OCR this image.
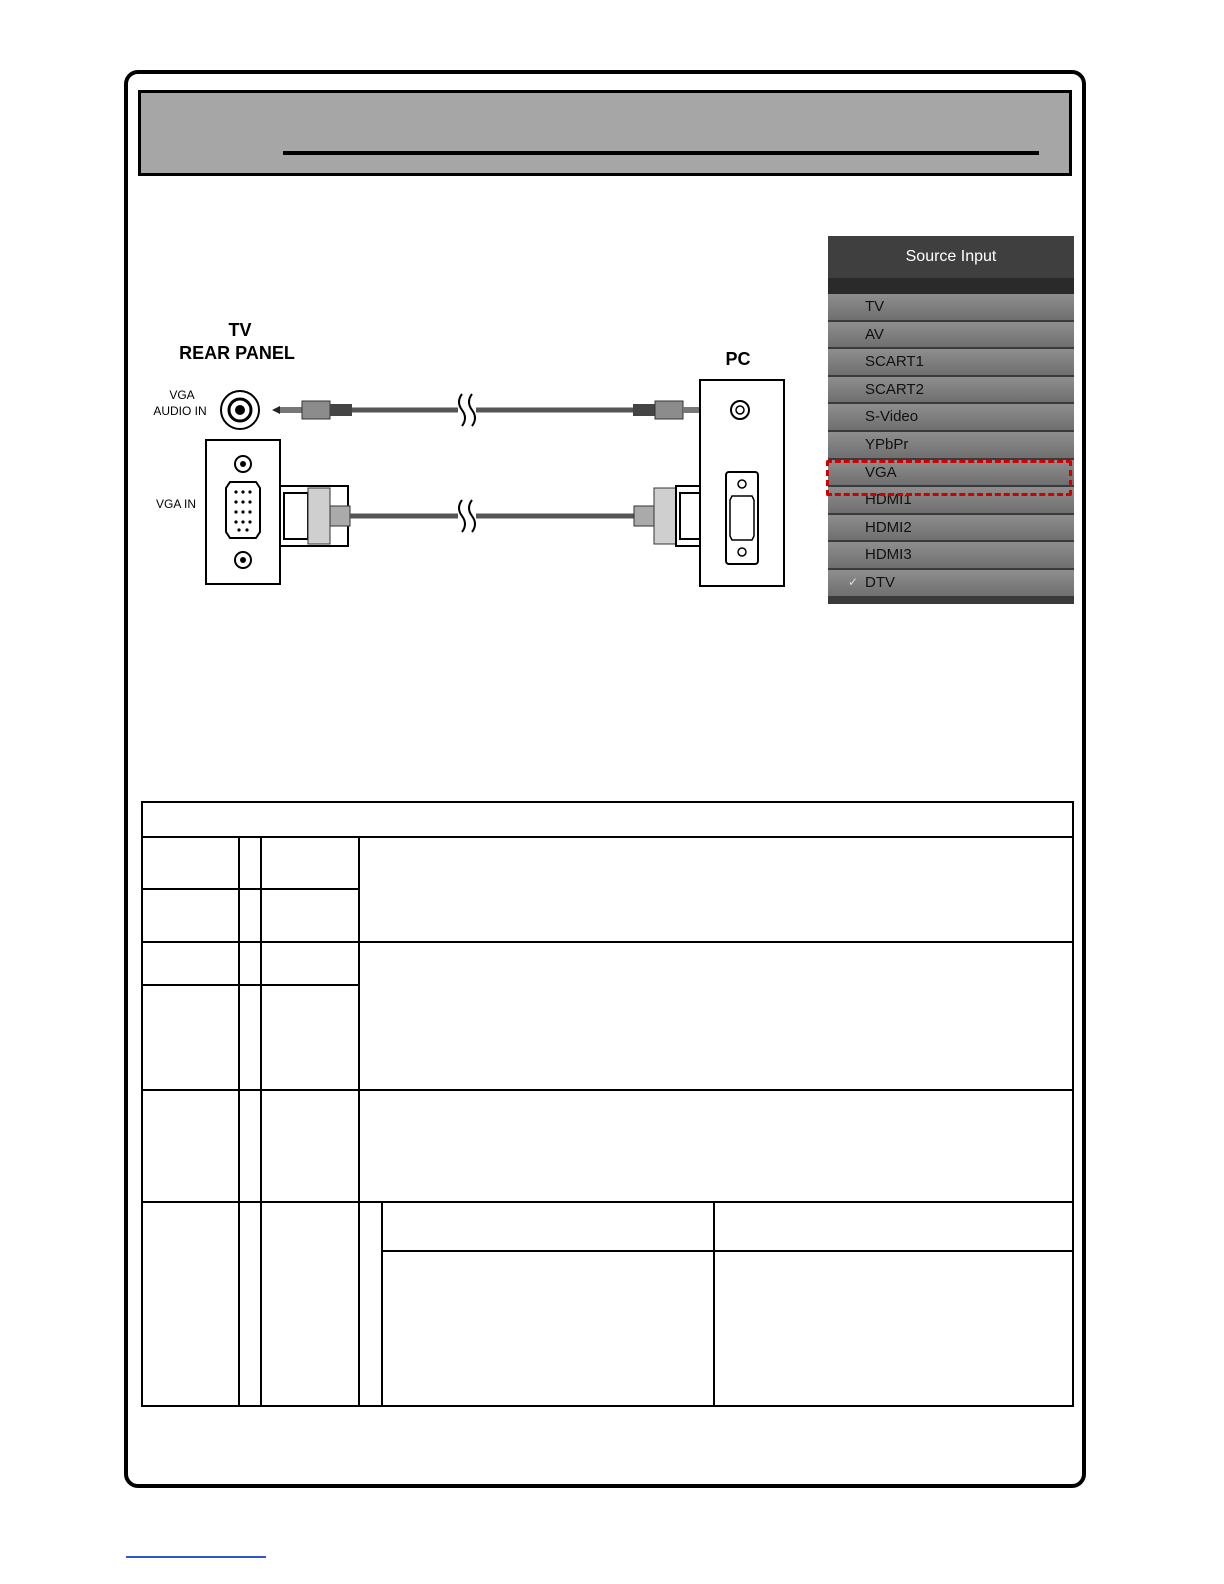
TV
REAR PANEL	PC
VGA
AUDIO IN
VGA IN
Source Input
TV
AV
SCART1
SCART2
S-Video
YPbPr
VGA
HDMI1
HDMI2
HDMI3
✓ DTV
